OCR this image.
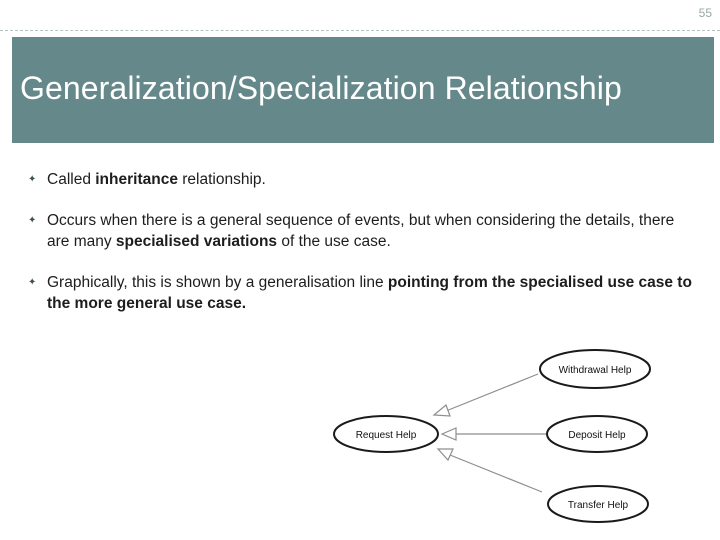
55
Generalization/Specialization Relationship
✦ Called inheritance relationship.
✦ Occurs when there is a general sequence of events, but when considering the details, there are many specialised variations of the use case.
✦ Graphically, this is shown by a generalisation line pointing from the specialised use case to the more general use case.
Request Help
Withdrawal Help
Deposit Help
Transfer Help
